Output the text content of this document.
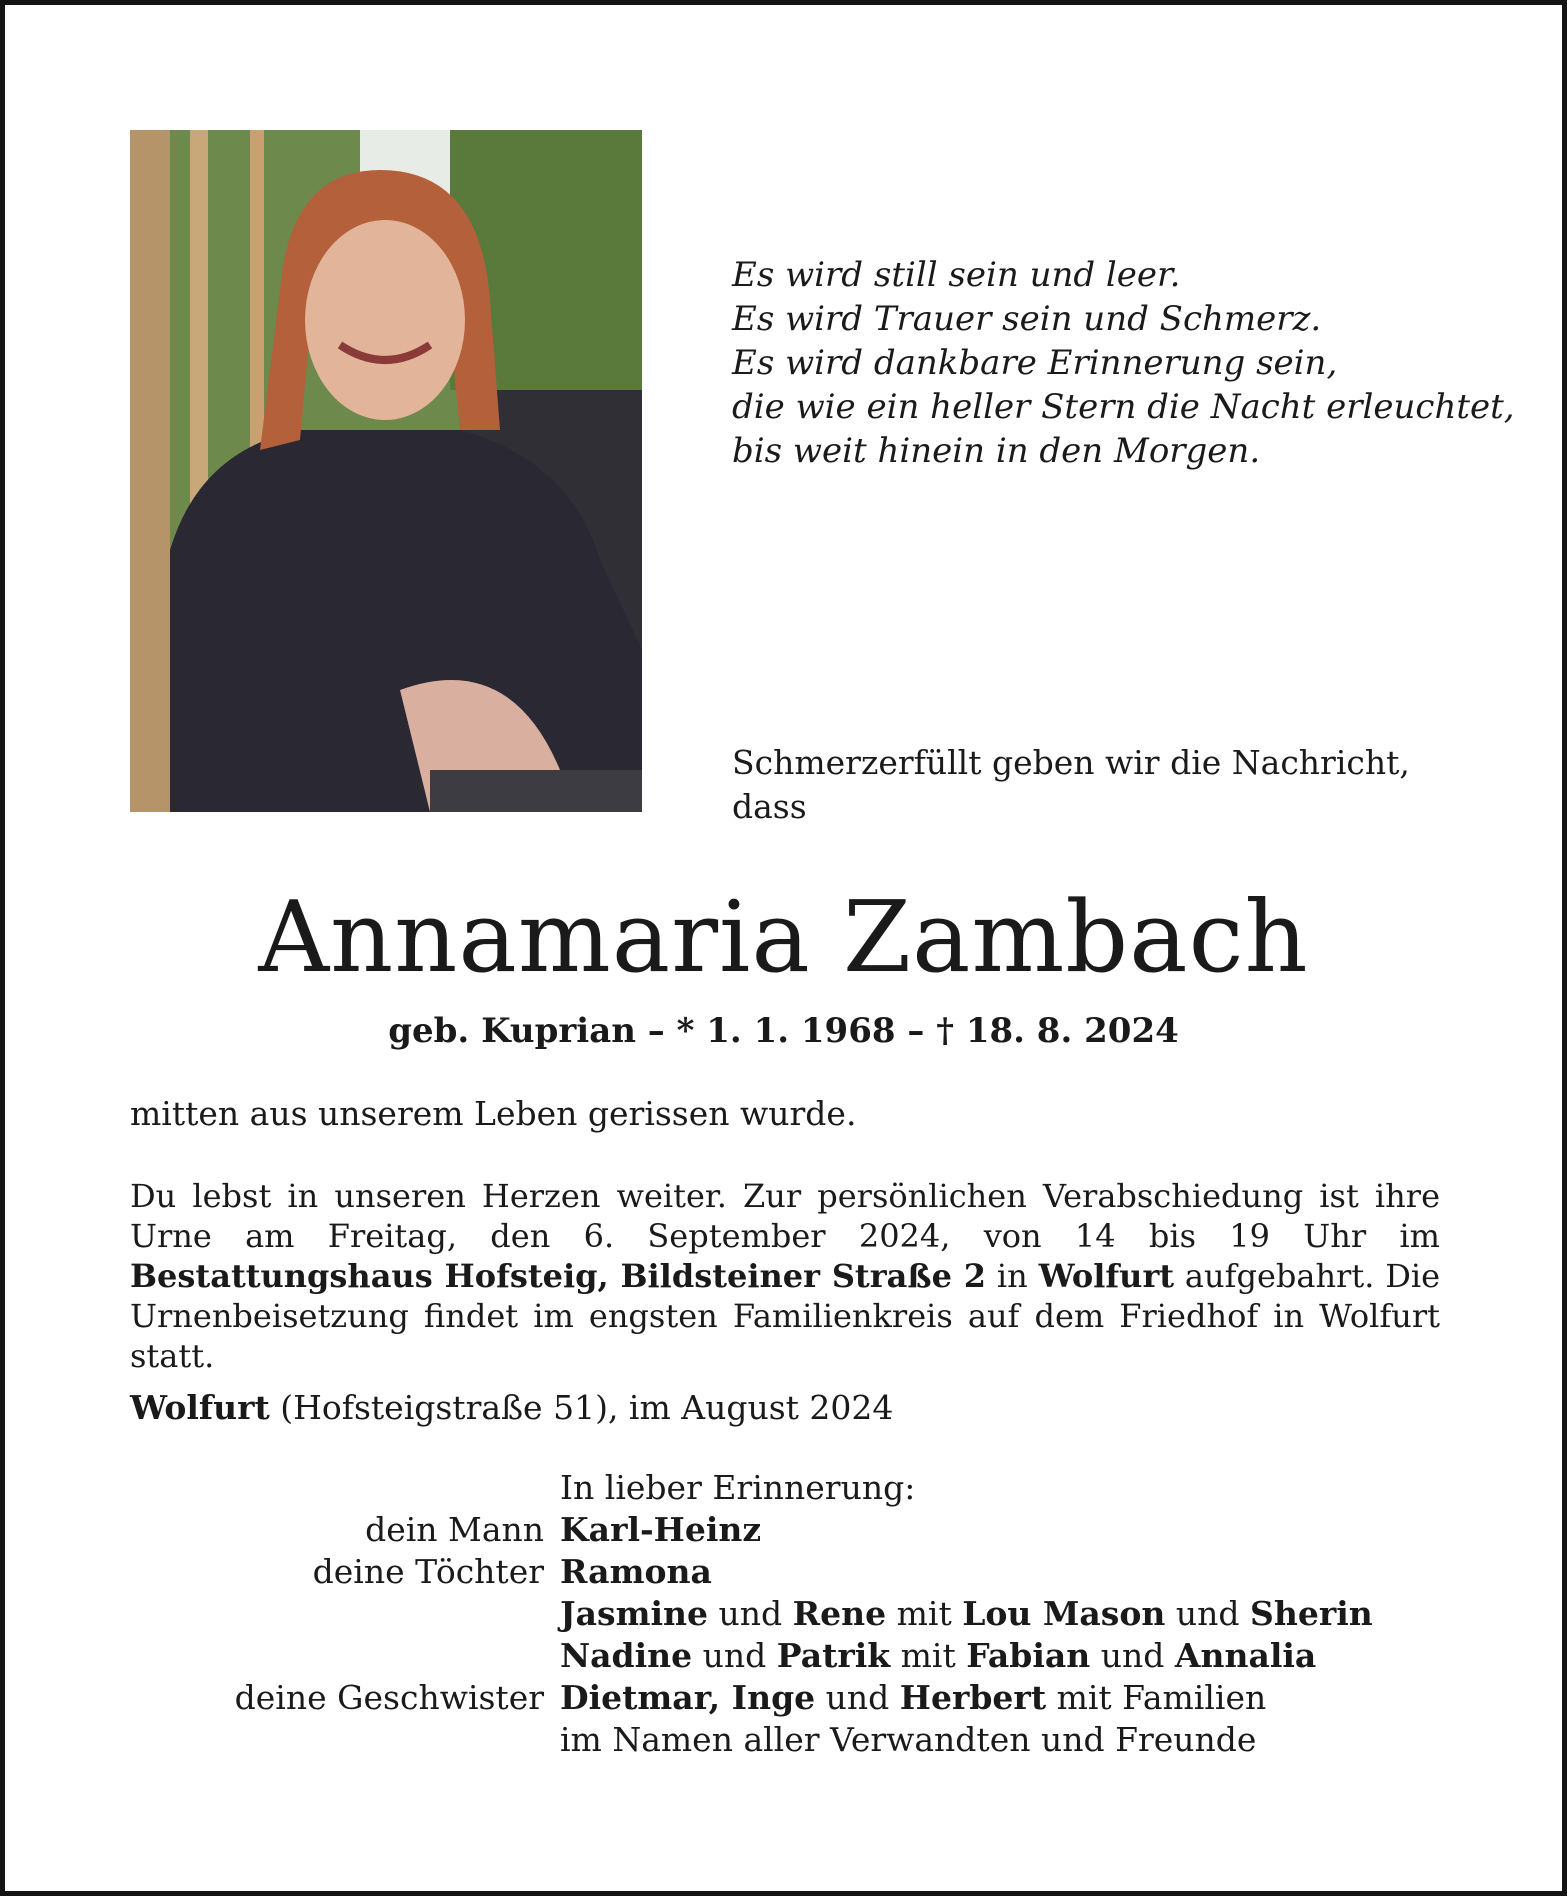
Es wird still sein und leer.
Es wird Trauer sein und Schmerz.
Es wird dankbare Erinnerung sein,
die wie ein heller Stern die Nacht erleuchtet,
bis weit hinein in den Morgen.
Schmerzerfüllt geben wir die Nachricht, dass
Annamaria Zambach
geb. Kuprian – * 1. 1. 1968 – † 18. 8. 2024
mitten aus unserem Leben gerissen wurde.
Du lebst in unseren Herzen weiter. Zur persönlichen Verabschiedung ist ihre Urne am Freitag, den 6. September 2024, von 14 bis 19 Uhr im Bestattungshaus Hofsteig, Bildsteiner Straße 2 in Wolfurt aufgebahrt. Die Urnenbeisetzung findet im engsten Familienkreis auf dem Friedhof in Wolfurt statt.
Wolfurt (Hofsteigstraße 51), im August 2024
In lieber Erinnerung:
dein Mann Karl-Heinz
deine Töchter Ramona
Jasmine und Rene mit Lou Mason und Sherin
Nadine und Patrik mit Fabian und Annalia
deine Geschwister Dietmar, Inge und Herbert mit Familien
im Namen aller Verwandten und Freunde
